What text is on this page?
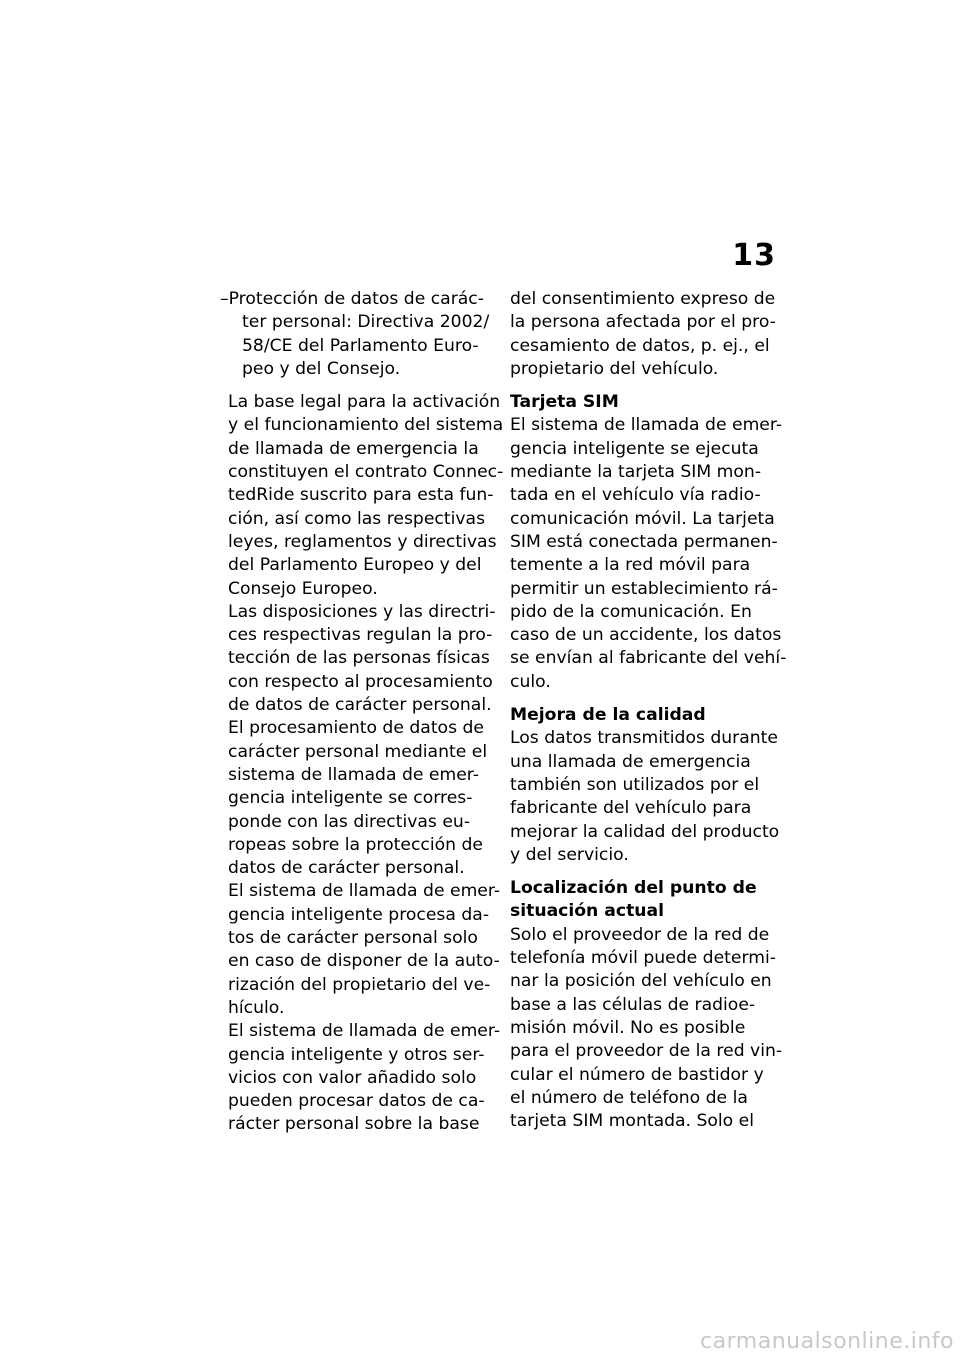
13
–Protección de datos de carác-
ter personal: Directiva 2002/
58/CE del Parlamento Euro-
peo y del Consejo.
La base legal para la activación
y el funcionamiento del sistema
de llamada de emergencia la
constituyen el contrato Connec-
tedRide suscrito para esta fun-
ción, así como las respectivas
leyes, reglamentos y directivas
del Parlamento Europeo y del
Consejo Europeo.
Las disposiciones y las directri-
ces respectivas regulan la pro-
tección de las personas físicas
con respecto al procesamiento
de datos de carácter personal.
El procesamiento de datos de
carácter personal mediante el
sistema de llamada de emer-
gencia inteligente se corres-
ponde con las directivas eu-
ropeas sobre la protección de
datos de carácter personal.
El sistema de llamada de emer-
gencia inteligente procesa da-
tos de carácter personal solo
en caso de disponer de la auto-
rización del propietario del ve-
hículo.
El sistema de llamada de emer-
gencia inteligente y otros ser-
vicios con valor añadido solo
pueden procesar datos de ca-
rácter personal sobre la base
del consentimiento expreso de
la persona afectada por el pro-
cesamiento de datos, p. ej., el
propietario del vehículo.
Tarjeta SIM
El sistema de llamada de emer-
gencia inteligente se ejecuta
mediante la tarjeta SIM mon-
tada en el vehículo vía radio-
comunicación móvil. La tarjeta
SIM está conectada permanen-
temente a la red móvil para
permitir un establecimiento rá-
pido de la comunicación. En
caso de un accidente, los datos
se envían al fabricante del vehí-
culo.
Mejora de la calidad
Los datos transmitidos durante
una llamada de emergencia
también son utilizados por el
fabricante del vehículo para
mejorar la calidad del producto
y del servicio.
Localización del punto de
situación actual
Solo el proveedor de la red de
telefonía móvil puede determi-
nar la posición del vehículo en
base a las células de radioe-
misión móvil. No es posible
para el proveedor de la red vin-
cular el número de bastidor y
el número de teléfono de la
tarjeta SIM montada. Solo el
carmanualsonline.info
